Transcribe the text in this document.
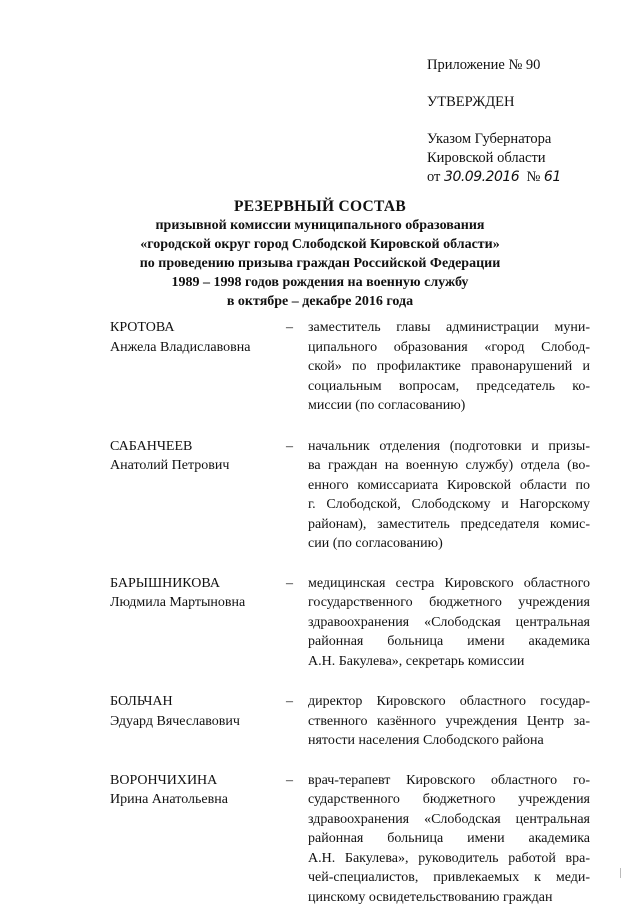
Приложение № 90
УТВЕРЖДЕН
Указом Губернатора
Кировской области
от 30.09.2016 № 61
РЕЗЕРВНЫЙ СОСТАВ
призывной комиссии муниципального образования
«городской округ город Слободской Кировской области»
по проведению призыва граждан Российской Федерации
1989 – 1998 годов рождения на военную службу
в октябре – декабре 2016 года
КРОТОВА
Анжела Владиславовна
–	заместитель главы администрации муни-
ципального образования «город Слобод-
ской» по профилактике правонарушений и
социальным вопросам, председатель ко-
миссии (по согласованию)
САБАНЧЕЕВ
Анатолий Петрович
–	начальник отделения (подготовки и призы-
ва граждан на военную службу) отдела (во-
енного комиссариата Кировской области по
г. Слободской, Слободскому и Нагорскому
районам), заместитель председателя комис-
сии (по согласованию)
БАРЫШНИКОВА
Людмила Мартыновна
–	медицинская сестра Кировского областного
государственного бюджетного учреждения
здравоохранения «Слободская центральная
районная больница имени академика
А.Н. Бакулева», секретарь комиссии
БОЛЬЧАН
Эдуард Вячеславович
–	директор Кировского областного государ-
ственного казённого учреждения Центр за-
нятости населения Слободского района
ВОРОНЧИХИНА
Ирина Анатольевна
–	врач-терапевт Кировского областного го-
сударственного бюджетного учреждения
здравоохранения «Слободская центральная
районная больница имени академика
А.Н. Бакулева», руководитель работой вра-
чей-специалистов, привлекаемых к меди-
цинскому освидетельствованию граждан
